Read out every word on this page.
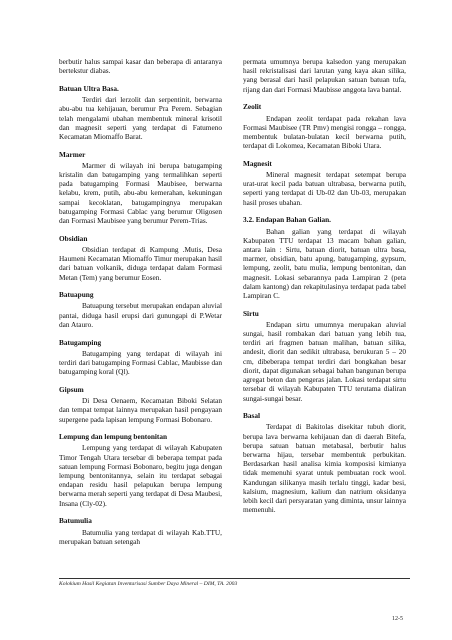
berbutir halus sampai kasar dan beberapa di antaranya bertekstur diabas.

Batuan Ultra Basa.

Terdiri dari lerzolit dan serpentinit, berwarna abu-abu tua kehijauan, berumur Pra Perem. Sebagian telah mengalami ubahan membentuk mineral krisotil dan magnesit seperti yang terdapat di Fatumeno Kecamatan Miomaffo Barat.

Marmer

Marmer di wilayah ini berupa batugamping kristalin dan batugamping yang termalihkan seperti pada batugamping Formasi Maubisee, berwarna kelabu, krem, putih, abu-abu kemerahan, kekuningan sampai kecoklatan, batugampingnya merupakan batugamping Formasi Cablac yang berumur Oligosen dan Formasi Maubisee yang berumur Perem-Trias.

Obsidian

Obsidian terdapat di Kampung .Mutis, Desa Haumeni Kecamatan Miomaffo Timur merupakan hasil dari batuan volkanik, diduga terdapat dalam Formasi Metan (Tem) yang berumur Eosen.

Batuapung

Batuapung tersebut merupakan endapan aluvial pantai, diduga hasil erupsi dari gunungapi di P.Wetar dan Atauro.

Batugamping

Batugamping yang terdapat di wilayah ini terdiri dari batugamping Formasi Cablac, Maubisse dan batugamping koral (Ql).

Gipsum

Di Desa Oenaem, Kecamatan Biboki Selatan dan tempat tempat lainnya merupakan hasil pengayaan supergene pada lapisan lempung Formasi Bobonaro.

Lempung dan lempung bentonitan

Lempung yang terdapat di wilayah Kabupaten Timor Tengah Utara tersebar di beberapa tempat pada satuan lempung Formasi Bobonaro, begitu juga dengan lempung bentonitannya, selain itu terdapat sebagai endapan residu hasil pelapukan berupa lempung berwarna merah seperti yang terdapat di Desa Maubesi, Insana (Cly-02).

Batumulia

Batumulia yang terdapat di wilayah Kab.TTU, merupakan batuan setengah

permata umumnya berupa kalsedon yang merupakan hasil rekristalisasi dari larutan yang kaya akan silika, yang berasal dari hasil pelapukan satuan batuan tufa, rijang dan dari Formasi Maubisse anggota lava bantal.

Zeolit

Endapan zeolit terdapat pada rekahan lava Formasi Maubisee (TR Pmv) mengisi rongga – rongga, membentuk bulatan-bulatan kecil berwarna putih, terdapat di Lokomea, Kecamatan Biboki Utara.

Magnesit

Mineral magnesit terdapat setempat berupa urat-urat kecil pada batuan ultrabasa, berwarna putih, seperti yang terdapat di Ub-02 dan Ub-03, merupakan hasil proses ubahan.

3.2. Endapan Bahan Galian.

Bahan galian yang terdapat di wilayah Kabupaten TTU terdapat 13 macam bahan galian, antara lain : Sirtu, batuan diorit, batuan ultra basa, marmer, obsidian, batu apung, batugamping, gypsum, lempung, zeolit, batu mulia, lempung bentonitan, dan magnesit. Lokasi sebarannya pada Lampiran 2 (peta dalam kantong) dan rekapitulasinya terdapat pada tabel Lampiran C.

Sirtu

Endapan sirtu umumnya merupakan aluvial sungai, hasil rombakan dari batuan yang lebih tua, terdiri ari fragmen batuan malihan, batuan silika, andesit, diorit dan sedikit ultrabasa, berukuran 5 – 20 cm, dibeberapa tempat terdiri dari bongkahan besar diorit, dapat digunakan sebagai bahan bangunan berupa agregat beton dan pengeras jalan. Lokasi terdapat sirtu tersebar di wilayah Kabupaten TTU terutama dialiran sungai-sungai besar.

Basal

Terdapat di Bakitolas disekitar tubuh diorit, berupa lava berwarna kehijauan dan di daerah Bitefa, berupa satuan batuan metabasal, berbutir halus berwarna hijau, tersebar membentuk perbukitan. Berdasarkan hasil analisa kimia komposisi kimianya tidak memenuhi syarat untuk pembuatan rock wool. Kandungan silikanya masih terlalu tinggi, kadar besi, kalsium, magnesium, kalium dan natrium oksidanya lebih kecil dari persyaratan yang diminta, unsur lainnya memenuhi.

Kolokium Hasil Kegiatan Inventarisasi Sumber Daya Mineral – DIM, TA. 2003
12-5
